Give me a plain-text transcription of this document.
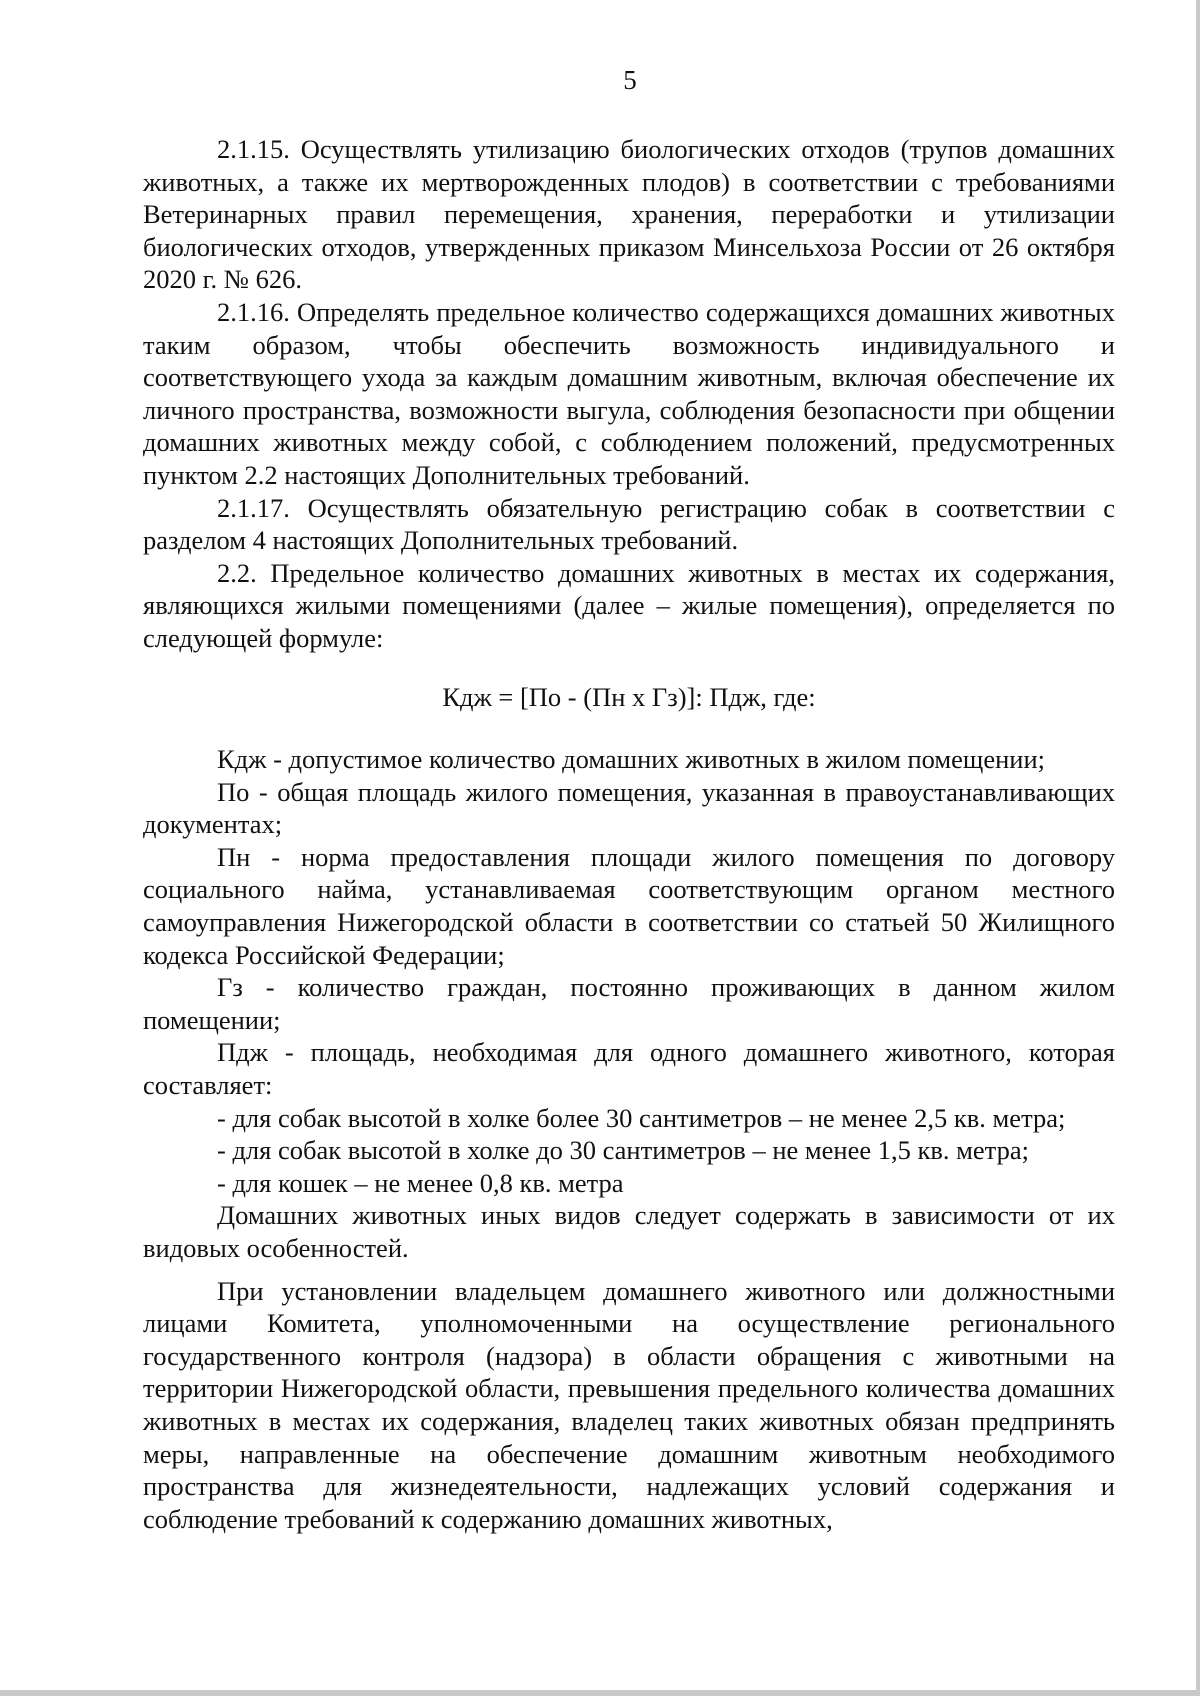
5

2.1.15. Осуществлять утилизацию биологических отходов (трупов домашних животных, а также их мертворожденных плодов) в соответствии с требованиями Ветеринарных правил перемещения, хранения, переработки и утилизации биологических отходов, утвержденных приказом Минсельхоза России от 26 октября 2020 г. № 626.

2.1.16. Определять предельное количество содержащихся домашних животных таким образом, чтобы обеспечить возможность индивидуального и соответствующего ухода за каждым домашним животным, включая обеспечение их личного пространства, возможности выгула, соблюдения безопасности при общении домашних животных между собой, с соблюдением положений, предусмотренных пунктом 2.2 настоящих Дополнительных требований.

2.1.17. Осуществлять обязательную регистрацию собак в соответствии с разделом 4 настоящих Дополнительных требований.

2.2. Предельное количество домашних животных в местах их содержания, являющихся жилыми помещениями (далее – жилые помещения), определяется по следующей формуле:

Кдж = [По - (Пн х Гз)]: Пдж, где:

Кдж - допустимое количество домашних животных в жилом помещении;

По - общая площадь жилого помещения, указанная в правоустанавливающих документах;

Пн - норма предоставления площади жилого помещения по договору социального найма, устанавливаемая соответствующим органом местного самоуправления Нижегородской области в соответствии со статьей 50 Жилищного кодекса Российской Федерации;

Гз - количество граждан, постоянно проживающих в данном жилом помещении;

Пдж - площадь, необходимая для одного домашнего животного, которая составляет:

- для собак высотой в холке более 30 сантиметров – не менее 2,5 кв. метра;

- для собак высотой в холке до 30 сантиметров – не менее 1,5 кв. метра;

- для кошек – не менее 0,8 кв. метра

Домашних животных иных видов следует содержать в зависимости от их видовых особенностей.

При установлении владельцем домашнего животного или должностными лицами Комитета, уполномоченными на осуществление регионального государственного контроля (надзора) в области обращения с животными на территории Нижегородской области, превышения предельного количества домашних животных в местах их содержания, владелец таких животных обязан предпринять меры, направленные на обеспечение домашним животным необходимого пространства для жизнедеятельности, надлежащих условий содержания и соблюдение требований к содержанию домашних животных,
